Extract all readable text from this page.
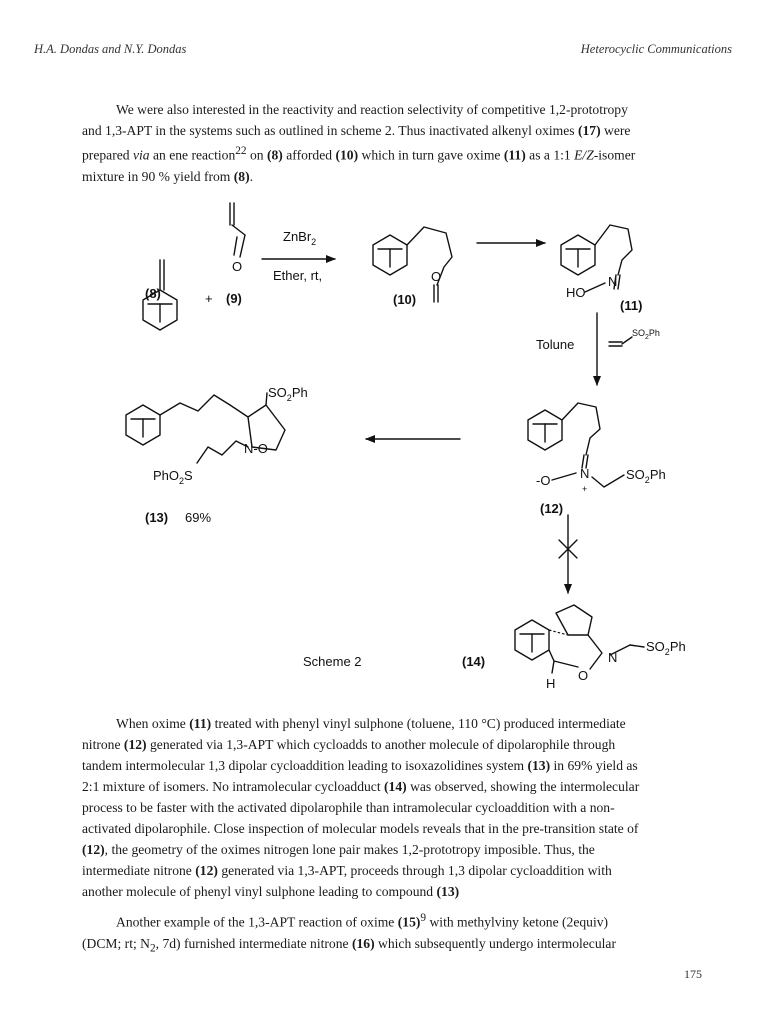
H.A. Dondas and N.Y. Dondas	Heterocyclic Communications

We were also interested in the reactivity and reaction selectivity of competitive 1,2-prototropy
and 1,3-APT in the systems such as outlined in scheme 2. Thus inactivated alkenyl oximes (17) were
prepared via an ene reaction$^{22}$ on (8) afforded (10) which in turn gave oxime (11) as a 1:1 E/Z-isomer
mixture in 90 % yield from (8).

+
O
(8)
ZnBr$_2$
Ether, rt,	O	N
HO
Tolune
$SO_2Ph$
N
+
-O	$SO_2Ph$
$SO_2Ph$
N-O
PhO$_2$S
(13) 69%
N
O
H
$SO_2Ph$
(14)
Scheme 2
(9)	(10)	(11)
(12)

When oxime (11) treated with phenyl vinyl sulphone (toluene, 110 °C) produced intermediate
nitrone (12) generated via 1,3-APT which cycloadds to another molecule of dipolarophile through
tandem intermolecular 1,3 dipolar cycloaddition leading to isoxazolidines system (13) in 69% yield as
2:1 mixture of isomers. No intramolecular cycloadduct (14) was observed, showing the intermolecular
process to be faster with the activated dipolarophile than intramolecular cycloaddition with a non-
activated dipolarophile. Close inspection of molecular models reveals that in the pre-transition state of
(12), the geometry of the oximes nitrogen lone pair makes 1,2-prototropy imposible. Thus, the
intermediate nitrone (12) generated via 1,3-APT, proceeds through 1,3 dipolar cycloaddition with
another molecule of phenyl vinyl sulphone leading to compound (13)

Another example of the 1,3-APT reaction of oxime $(15)^9$ with methylviny ketone (2equiv)
(DCM; rt; $N_2$, 7d) furnished intermediate nitrone (16) which subsequently undergo intermolecular

175
